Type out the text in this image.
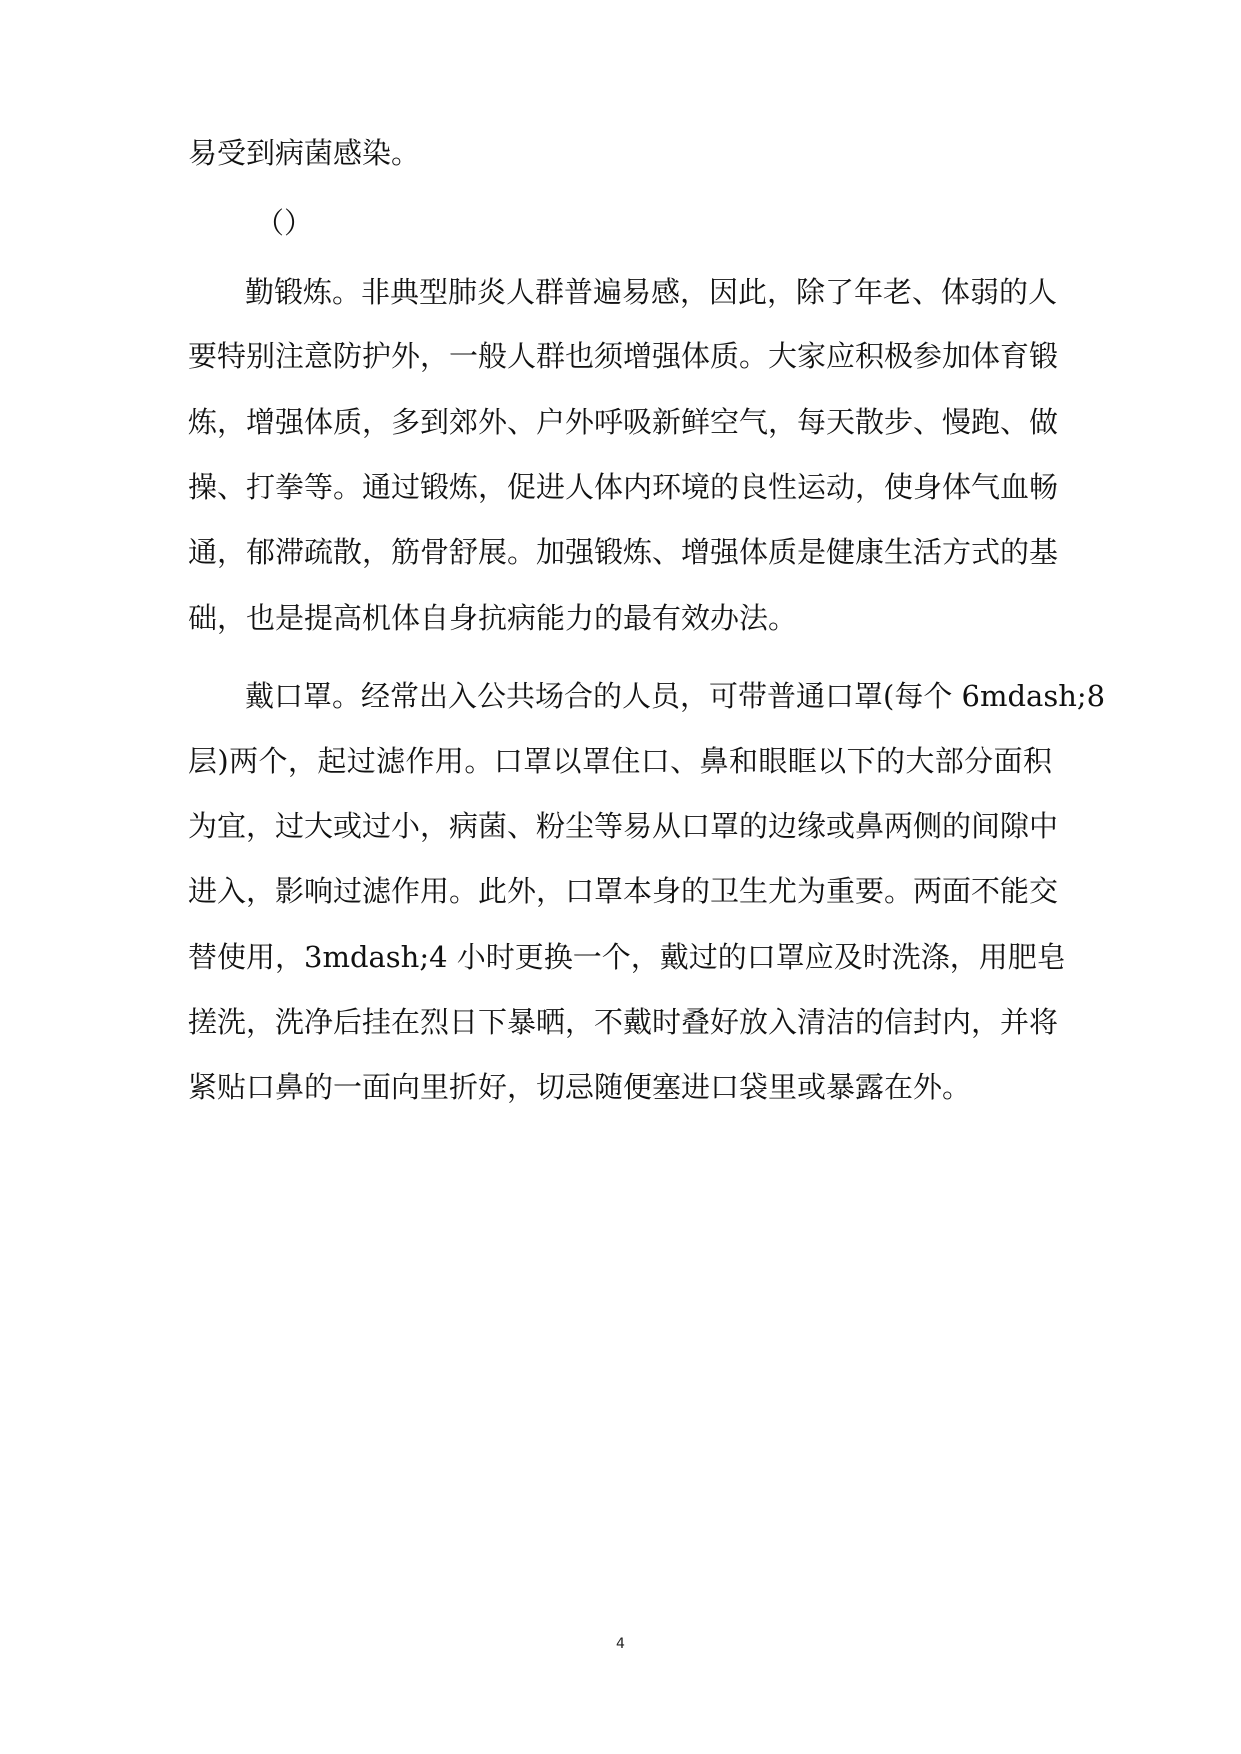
易受到病菌感染。
（）
勤锻炼。非典型肺炎人群普遍易感，因此，除了年老、体弱的人
要特别注意防护外，一般人群也须增强体质。大家应积极参加体育锻
炼，增强体质，多到郊外、户外呼吸新鲜空气，每天散步、慢跑、做
操、打拳等。通过锻炼，促进人体内环境的良性运动，使身体气血畅
通，郁滞疏散，筋骨舒展。加强锻炼、增强体质是健康生活方式的基
础，也是提高机体自身抗病能力的最有效办法。
戴口罩。经常出入公共场合的人员，可带普通口罩(每个 6mdash;8
层)两个，起过滤作用。口罩以罩住口、鼻和眼眶以下的大部分面积
为宜，过大或过小，病菌、粉尘等易从口罩的边缘或鼻两侧的间隙中
进入，影响过滤作用。此外，口罩本身的卫生尤为重要。两面不能交
替使用，3mdash;4 小时更换一个，戴过的口罩应及时洗涤，用肥皂
搓洗，洗净后挂在烈日下暴晒，不戴时叠好放入清洁的信封内，并将
紧贴口鼻的一面向里折好，切忌随便塞进口袋里或暴露在外。
4
